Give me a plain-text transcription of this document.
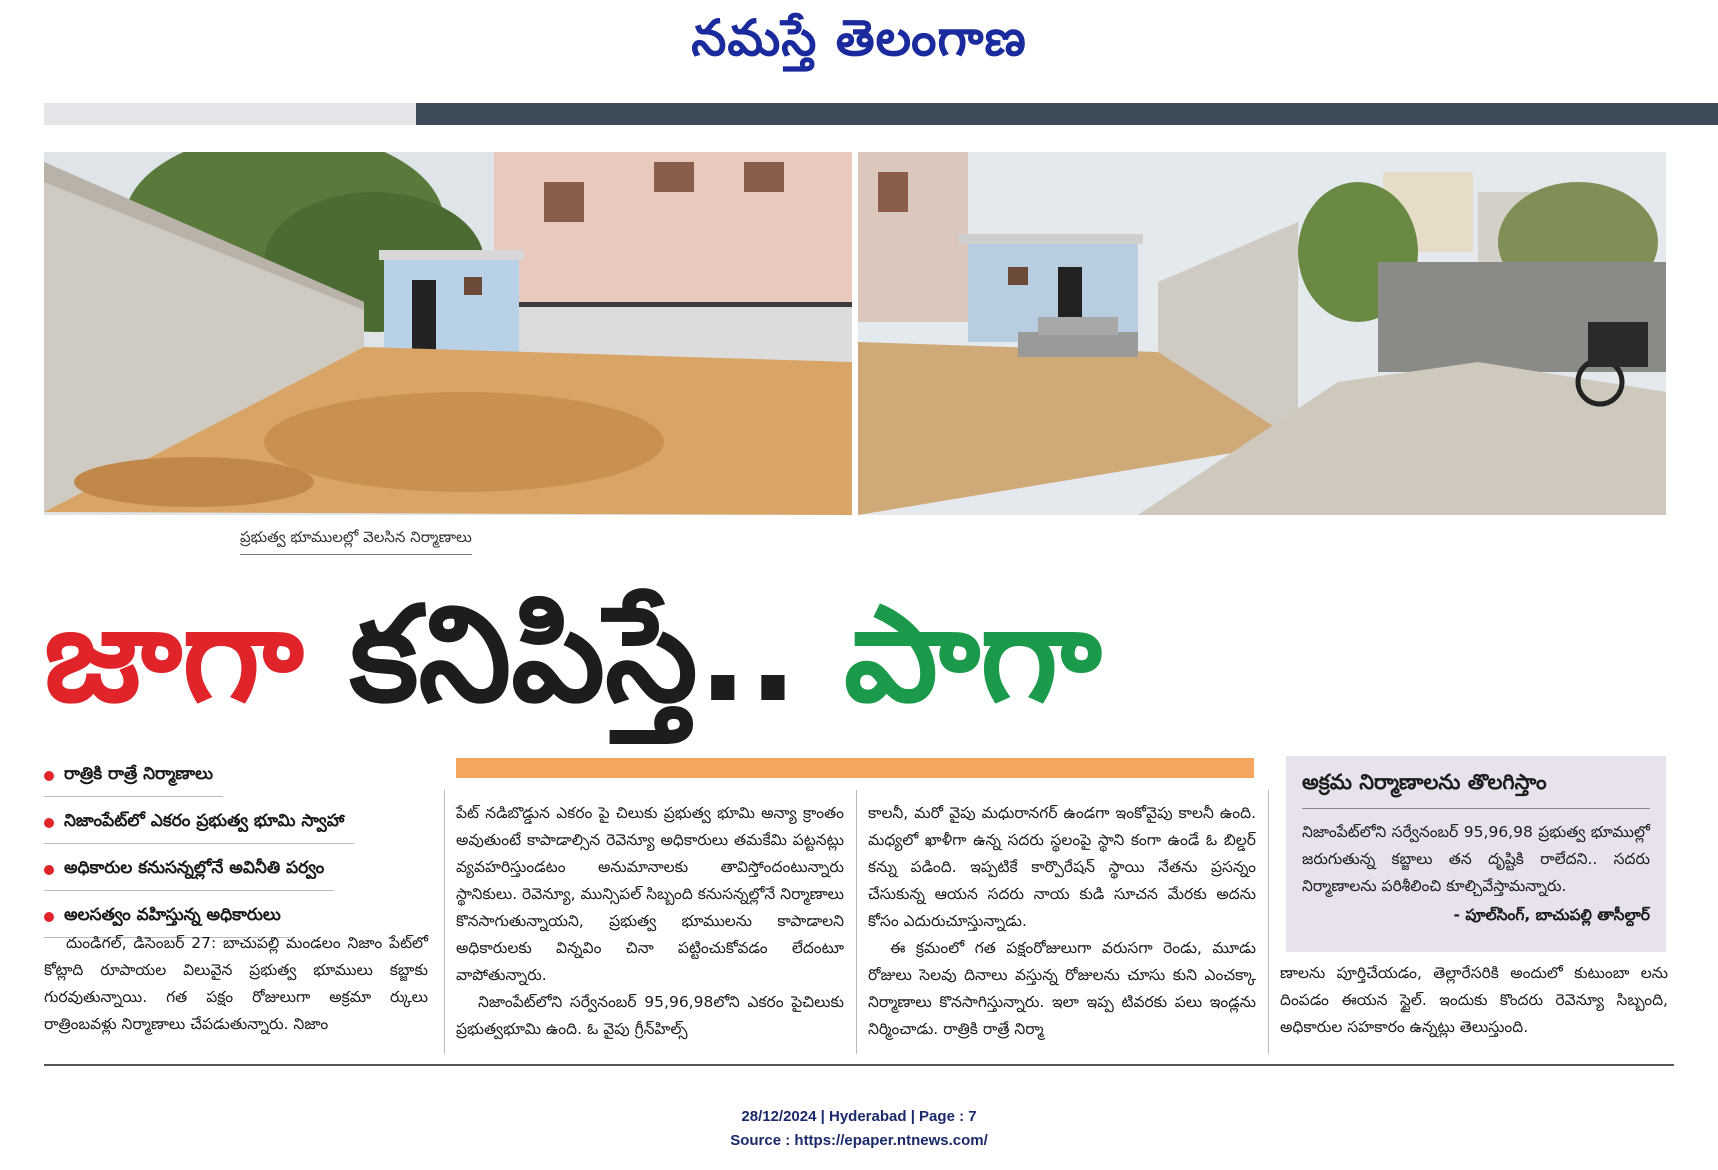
నమస్తే తెలంగాణ
ప్రభుత్వ భూములల్లో వెలసిన నిర్మాణాలు
జాగా కనిపిస్తే.. పాగా
రాత్రికి రాత్రే నిర్మాణాలు
నిజాంపేట్‌లో ఎకరం ప్రభుత్వ భూమి స్వాహా
అధికారుల కనుసన్నల్లోనే అవినీతి పర్వం
అలసత్వం వహిస్తున్న అధికారులు

దుండిగల్‌, డిసెంబర్‌ 27: బాచుపల్లి మండలం నిజాం పేట్‌లో కోట్లాది రూపాయల విలువైన ప్రభుత్వ భూములు కబ్జాకు గురవుతున్నాయి. గత పక్షం రోజులుగా అక్రమా ర్కులు రాత్రింబవళ్లు నిర్మాణాలు చేపడుతున్నారు. నిజాం

పేట్‌ నడిబొడ్డున ఎకరం పై చిలుకు ప్రభుత్వ భూమి అన్యా క్రాంతం అవుతుంటే కాపాడాల్సిన రెవెన్యూ అధికారులు తమకేమి పట్టనట్లు వ్యవహరిస్తుండటం అనుమానాలకు తావిస్తోందంటున్నారు స్థానికులు. రెవెన్యూ, మున్సిపల్‌ సిబ్బంది కనుసన్నల్లోనే నిర్మాణాలు కొనసాగుతున్నాయని, ప్రభుత్వ భూములను కాపాడాలని అధికారులకు విన్నవిం చినా పట్టించుకోవడం లేదంటూ వాపోతున్నారు.

నిజాంపేట్‌లోని సర్వేనంబర్‌ 95,96,98లోని ఎకరం పైచిలుకు ప్రభుత్వభూమి ఉంది. ఓ వైపు గ్రీన్‌హిల్స్‌

కాలనీ, మరో వైపు మధురానగర్‌ ఉండగా ఇంకోవైపు కాలనీ ఉంది. మధ్యలో ఖాళీగా ఉన్న సదరు స్థలంపై స్థాని కంగా ఉండే ఓ బిల్డర్‌ కన్ను పడింది. ఇప్పటికే కార్పొరేషన్‌ స్థాయి నేతను ప్రసన్నం చేసుకున్న ఆయన సదరు నాయ కుడి సూచన మేరకు అదను కోసం ఎదురుచూస్తున్నాడు.

ఈ క్రమంలో గత పక్షంరోజులుగా వరుసగా రెండు, మూడు రోజులు సెలవు దినాలు వస్తున్న రోజులను చూసు కుని ఎంచక్కా నిర్మాణాలు కొనసాగిస్తున్నారు. ఇలా ఇప్ప టివరకు పలు ఇండ్లను నిర్మించాడు. రాత్రికి రాత్రే నిర్మా

అక్రమ నిర్మాణాలను తొలగిస్తాం
నిజాంపేట్‌లోని సర్వేనంబర్‌ 95,96,98 ప్రభుత్వ భూముల్లో జరుగుతున్న కబ్జాలు తన దృష్టికి రాలేదని.. సదరు నిర్మాణాలను పరిశీలించి కూల్చివేస్తామన్నారు.
- పూల్‌సింగ్‌, బాచుపల్లి తాసీల్దార్‌

ణాలను పూర్తిచేయడం, తెల్లారేసరికి అందులో కుటుంబా లను దింపడం ఈయన స్టైల్‌. ఇందుకు కొందరు రెవెన్యూ సిబ్బంది, అధికారుల సహకారం ఉన్నట్లు తెలుస్తుంది.

28/12/2024 | Hyderabad | Page : 7
Source : https://epaper.ntnews.com/
